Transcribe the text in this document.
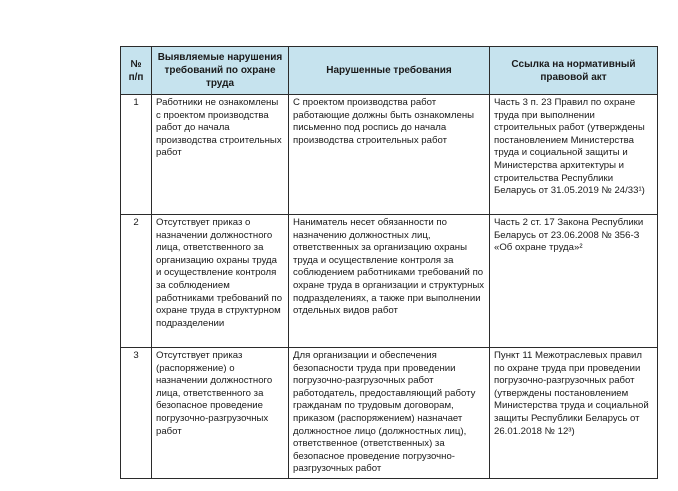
№ п/п	Выявляемые нарушения требований по охране труда	Нарушенные требования	Ссылка на нормативный правовой акт
1	Работники не ознакомлены с проектом производства работ до начала производства строительных работ	С проектом производства работ работающие должны быть ознакомлены письменно под роспись до начала производства строительных работ	Часть 3 п. 23 Правил по охране труда при выполнении строительных работ (утверждены постановлением Министерства труда и социальной защиты и Министерства архитектуры и строительства Республики Беларусь от 31.05.2019 № 24/33¹)
2	Отсутствует приказ о назначении должностного лица, ответственного за организацию охраны труда и осуществление контроля за соблюдением работниками требований по охране труда в структурном подразделении	Наниматель несет обязанности по назначению должностных лиц, ответственных за организацию охраны труда и осуществление контроля за соблюдением работниками требований по охране труда в организации и структурных подразделениях, а также при выполнении отдельных видов работ	Часть 2 ст. 17 Закона Республики Беларусь от 23.06.2008 № 356-З «Об охране труда»²
3	Отсутствует приказ (распоряжение) о назначении должностного лица, ответственного за безопасное проведение погрузочно-разгрузочных работ	Для организации и обеспечения безопасности труда при проведении погрузочно-разгрузочных работ работодатель, предоставляющий работу гражданам по трудовым договорам, приказом (распоряжением) назначает должностное лицо (должностных лиц), ответственное (ответственных) за безопасное проведение погрузочно-разгрузочных работ	Пункт 11 Межотраслевых правил по охране труда при проведении погрузочно-разгрузочных работ (утверждены постановлением Министерства труда и социальной защиты Республики Беларусь от 26.01.2018 № 12³)
